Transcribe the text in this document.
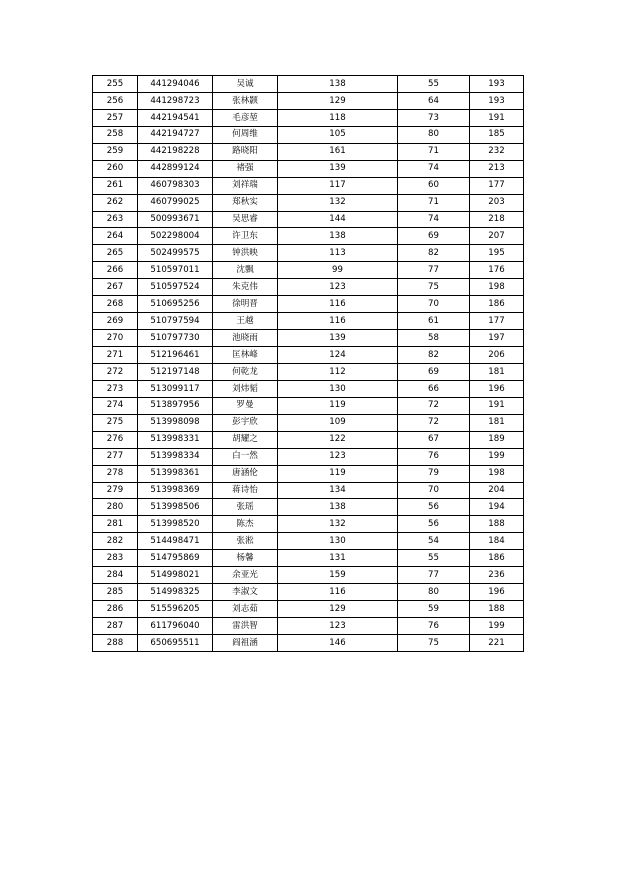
255	441294046	吴诚	138	55	193
256	441298723	张林颢	129	64	193
257	442194541	毛彦堃	118	73	191
258	442194727	何周维	105	80	185
259	442198228	路晓阳	161	71	232
260	442899124	褚强	139	74	213
261	460798303	刘祥瑞	117	60	177
262	460799025	郑秋实	132	71	203
263	500993671	吴思睿	144	74	218
264	502298004	许卫东	138	69	207
265	502499575	钟洪映	113	82	195
266	510597011	沈飘	99	77	176
267	510597524	朱克伟	123	75	198
268	510695256	徐明晋	116	70	186
269	510797594	王越	116	61	177
270	510797730	池晓雨	139	58	197
271	512196461	匡林峰	124	82	206
272	512197148	何乾龙	112	69	181
273	513099117	刘炜韬	130	66	196
274	513897956	罗曼	119	72	191
275	513998098	彭宇欣	109	72	181
276	513998331	胡耀之	122	67	189
277	513998334	白一然	123	76	199
278	513998361	唐涵伦	119	79	198
279	513998369	蒋诗怡	134	70	204
280	513998506	张瑶	138	56	194
281	513998520	陈杰	132	56	188
282	514498471	张淞	130	54	184
283	514795869	杨馨	131	55	186
284	514998021	余亚光	159	77	236
285	514998325	李淑文	116	80	196
286	515596205	刘志茹	129	59	188
287	611796040	雷洪智	123	76	199
288	650695511	阎祖涵	146	75	221
